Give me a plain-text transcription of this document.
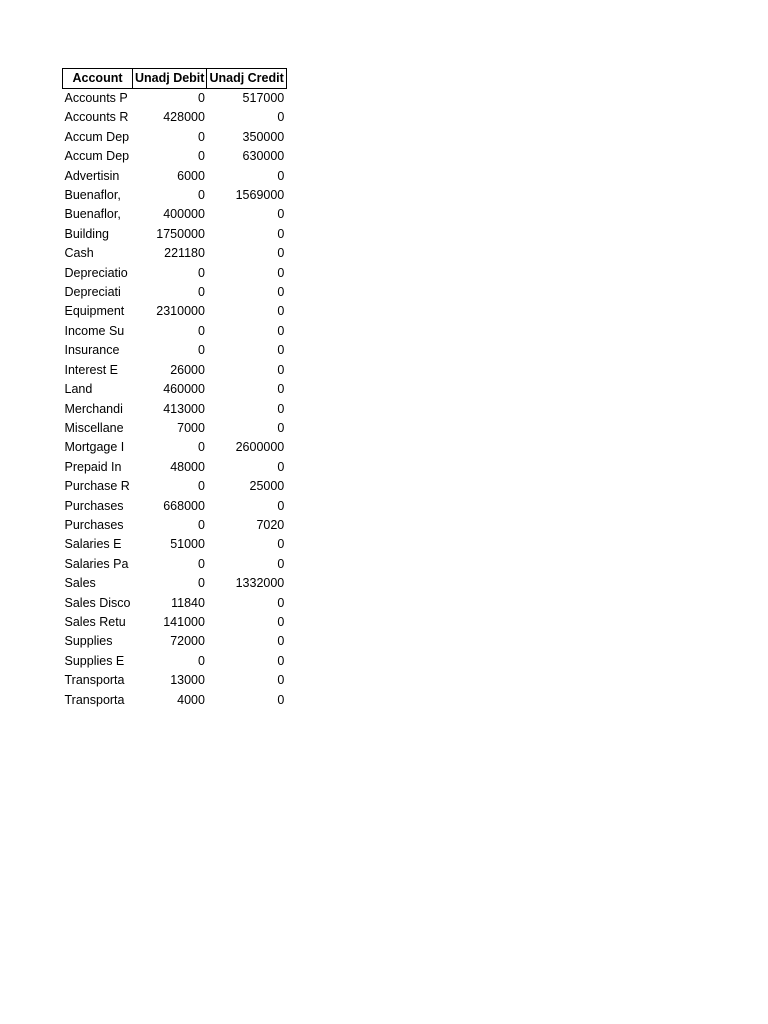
Account	Unadj Debit	Unadj Credit
Accounts P	0	517000
Accounts R	428000	0
Accum Dep	0	350000
Accum Dep	0	630000
Advertisin	6000	0
Buenaflor,	0	1569000
Buenaflor,	400000	0
Building	1750000	0
Cash	221180	0
Depreciatio	0	0
Depreciati	0	0
Equipment	2310000	0
Income Su	0	0
Insurance	0	0
Interest E	26000	0
Land	460000	0
Merchandi	413000	0
Miscellane	7000	0
Mortgage I	0	2600000
Prepaid In	48000	0
Purchase R	0	25000
Purchases	668000	0
Purchases	0	7020
Salaries E	51000	0
Salaries Pa	0	0
Sales	0	1332000
Sales Disco	11840	0
Sales Retu	141000	0
Supplies	72000	0
Supplies E	0	0
Transporta	13000	0
Transporta	4000	0
